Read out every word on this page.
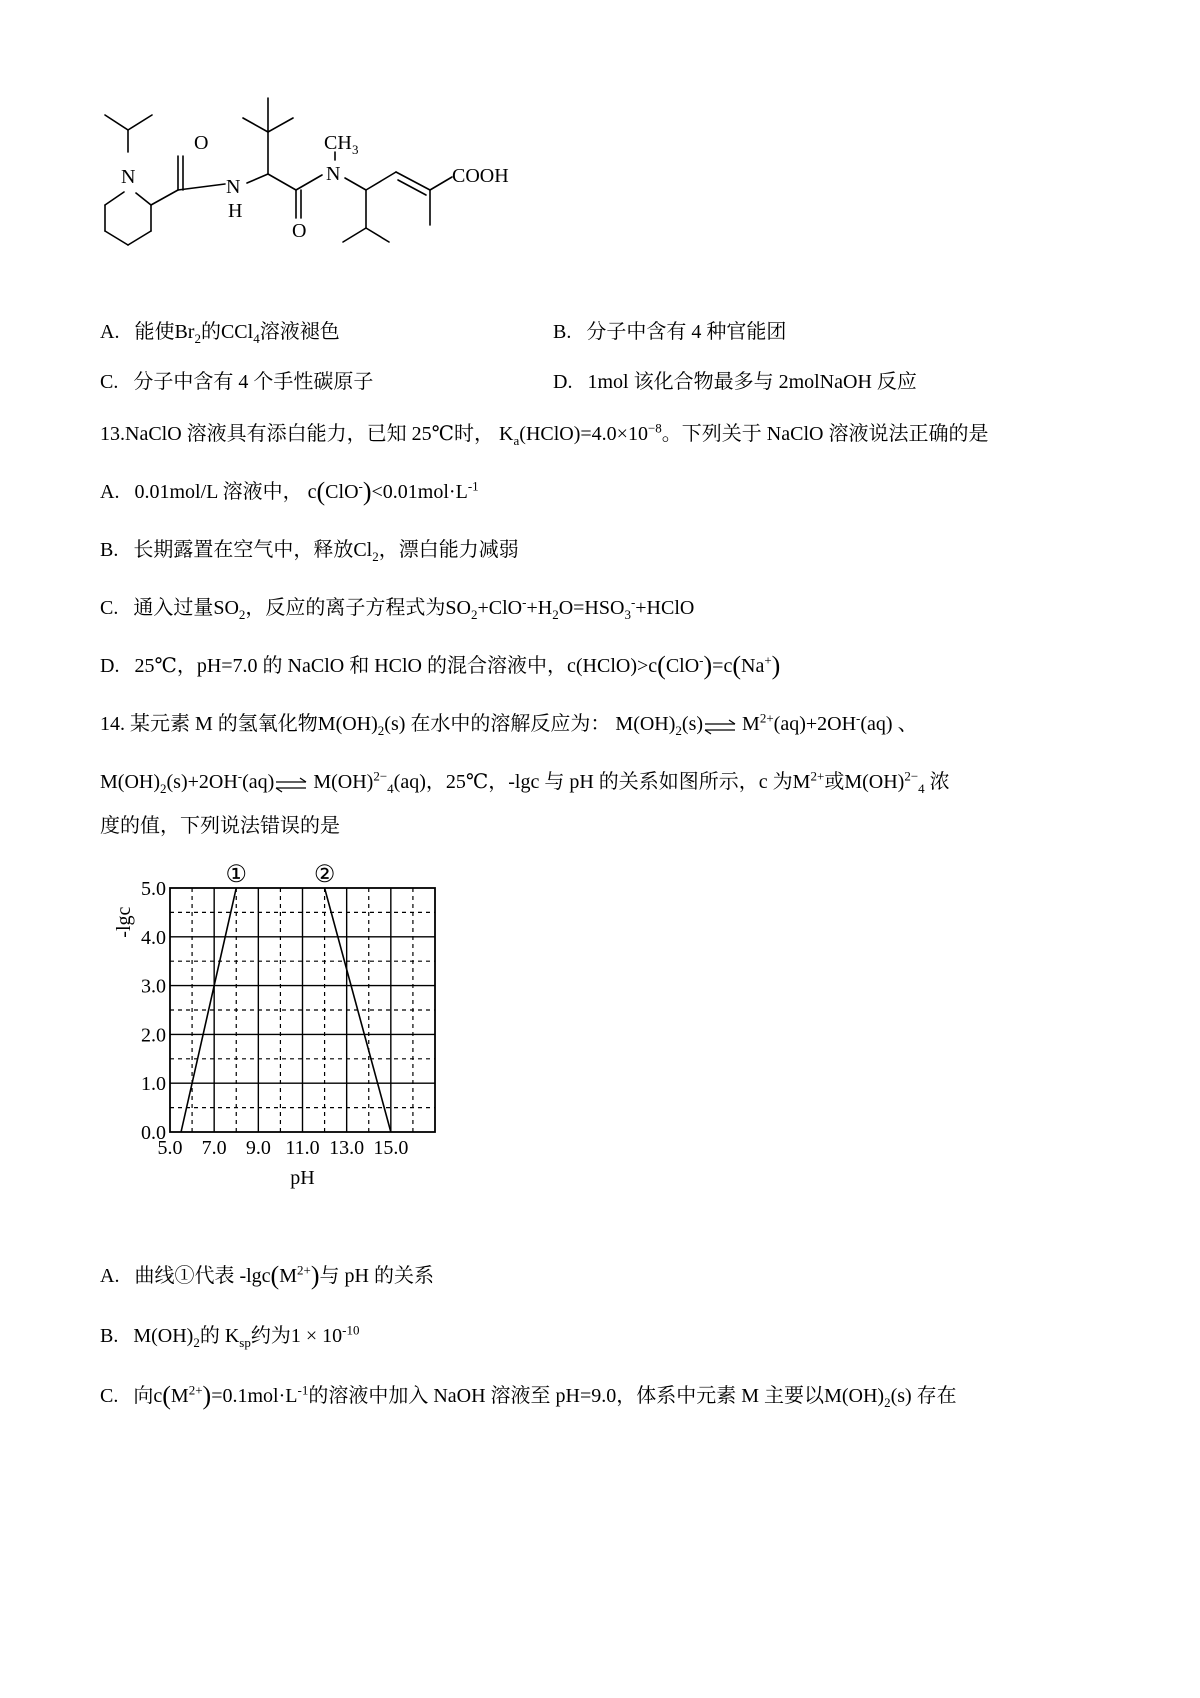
N
O
N
H
CH 3
N
O
COOH
A. 能使$Br_2$的CCl$_4$溶液褪色	B. 分子中含有 4 种官能团
C. 分子中含有 4 个手性碳原子	D. 1mol 该化合物最多与 2molNaOH 反应
13.NaClO 溶液具有添白能力，已知 25℃时， $K_a(HClO)=4.0\times 10^{-8}$。下列关于 NaClO 溶液说法正确的是
A. 0.01mol/L 溶液中， $c(ClO^-)<0.01mol\cdot L^{-1}$
B. 长期露置在空气中，释放$Cl_2$，漂白能力减弱
C. 通入过量$SO_2$，反应的离子方程式为$SO_2+ClO^-+H_2O=HSO_3^-+HClO$
D. 25℃，pH=7.0 的 NaClO 和 HClO 的混合溶液中，c(HClO)>c(ClO-)=c(Na+)
14. 某元素 M 的氢氧化物$M(OH)_2(s)$ 在水中的溶解反应为： $M(OH)_2(s)\rightleftharpoons$ $M^{2+}(aq)+2OH^-(aq)$ 、
$M(OH)_2(s)+2OH^-(aq)\rightleftharpoons$ M(OH)$^{2-}_4$(aq)，25℃，-lgc 与 pH 的关系如图所示，c 为$M^{2+}$或M(OH)$^{2-}_4$ 浓
度的值，下列说法错误的是
0.0
1.0
2.0
3.0
4.0
5.0
5.0 7.0 9.0 11.0 13.0 15.0
pH
-lgc
①	②
A. 曲线①代表 $-\lg c(M^{2+})$与 pH 的关系
B. $M(OH)_2$的 $K_{sp}$约为$1 \times 10^{-10}$
C. 向$c(M^{2+})=0.1mol\cdot L^{-1}$的溶液中加入 NaOH 溶液至 pH=9.0，体系中元素 M 主要以$M(OH)_2(s)$ 存在
